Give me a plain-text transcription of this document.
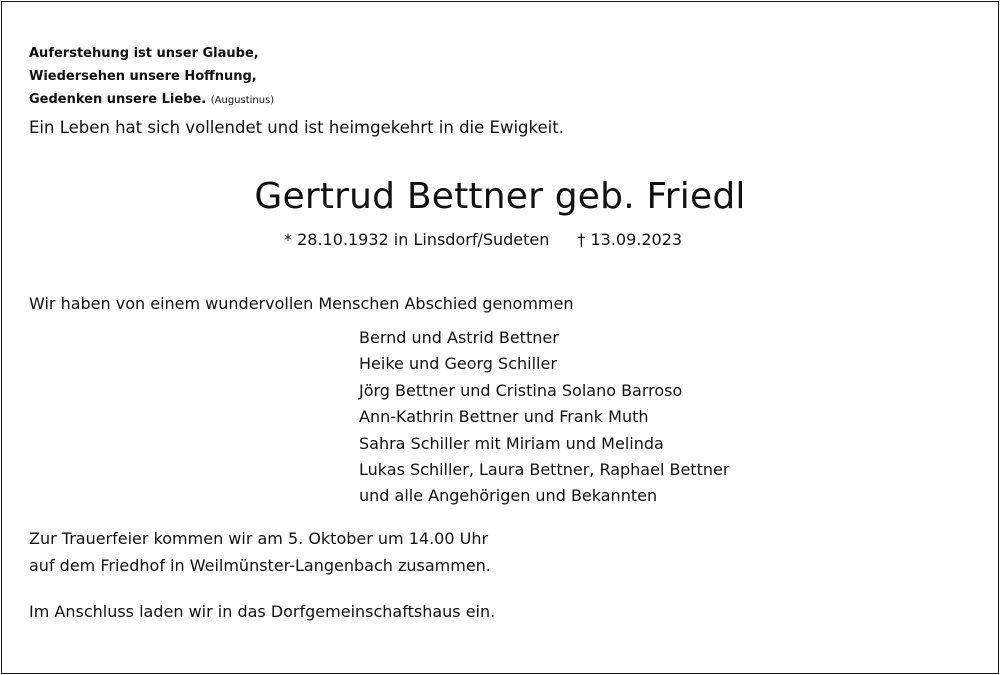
Auferstehung ist unser Glaube,
Wiedersehen unsere Hoffnung,
Gedenken unsere Liebe. (Augustinus)
Ein Leben hat sich vollendet und ist heimgekehrt in die Ewigkeit.
Gertrud Bettner geb. Friedl
* 28.10.1932 in Linsdorf/Sudeten † 13.09.2023
Wir haben von einem wundervollen Menschen Abschied genommen
Bernd und Astrid Bettner
Heike und Georg Schiller
Jörg Bettner und Cristina Solano Barroso
Ann-Kathrin Bettner und Frank Muth
Sahra Schiller mit Miriam und Melinda
Lukas Schiller, Laura Bettner, Raphael Bettner
und alle Angehörigen und Bekannten
Zur Trauerfeier kommen wir am 5. Oktober um 14.00 Uhr
auf dem Friedhof in Weilmünster-Langenbach zusammen.
Im Anschluss laden wir in das Dorfgemeinschaftshaus ein.
